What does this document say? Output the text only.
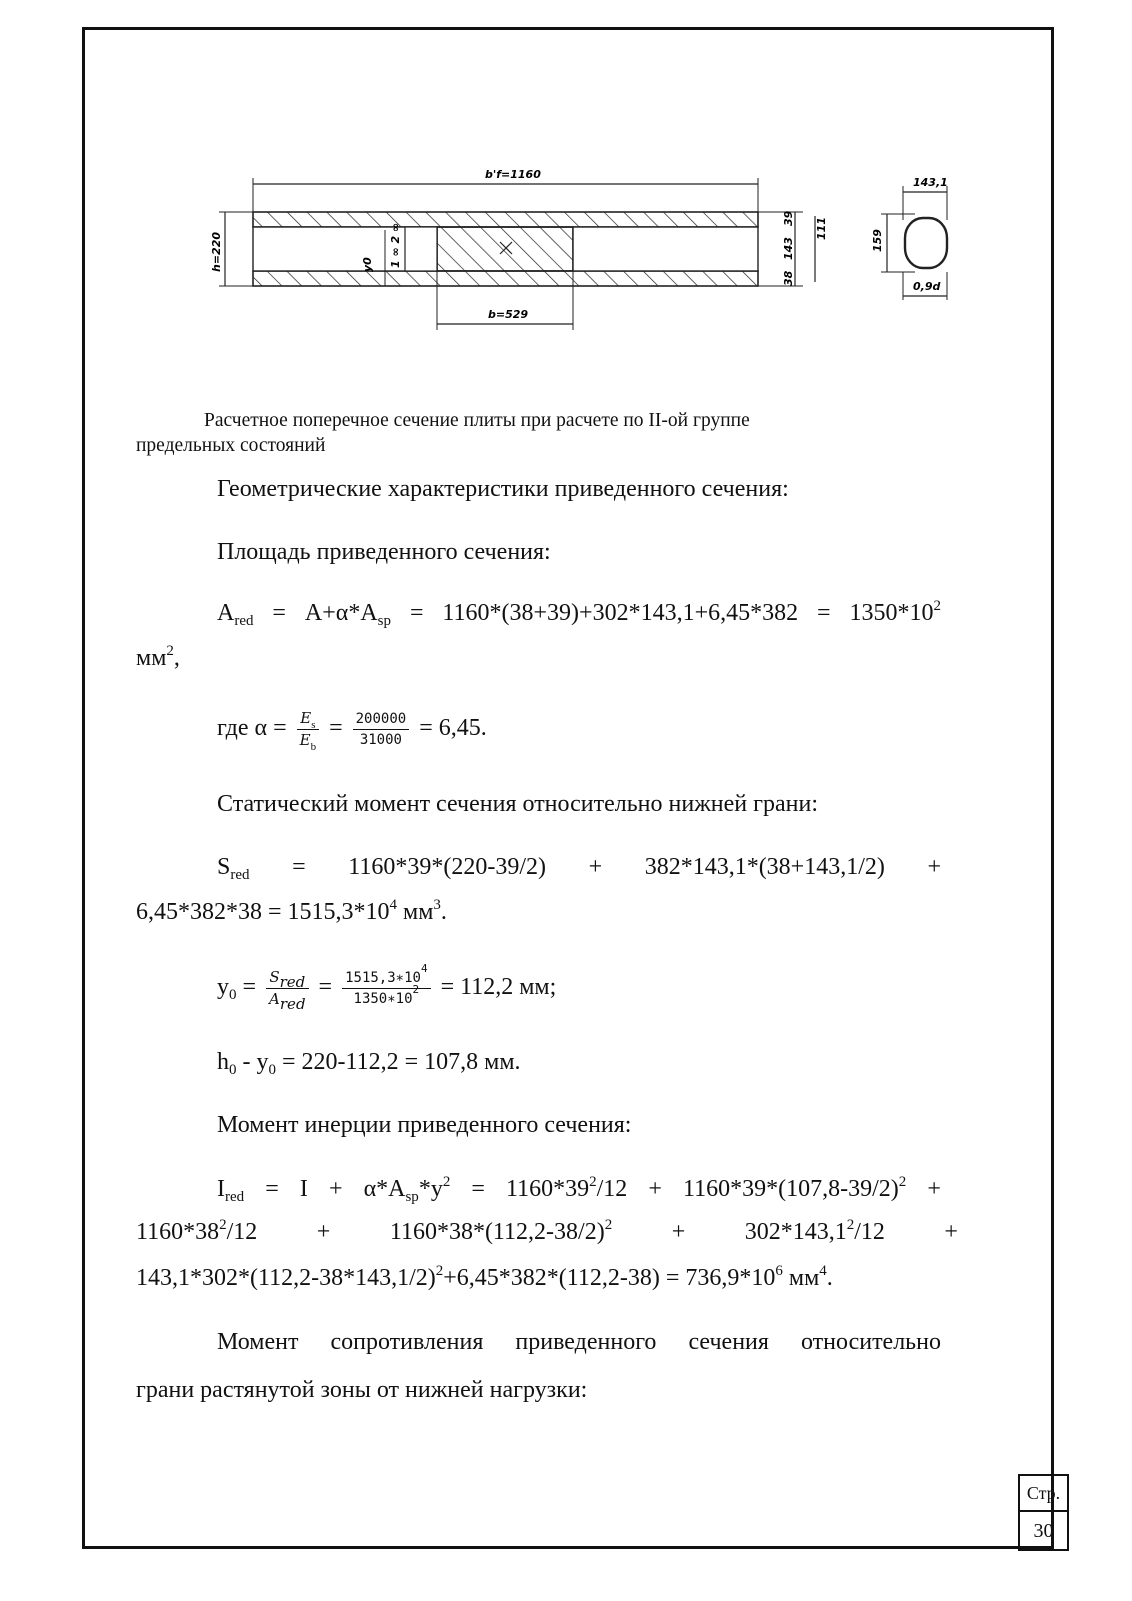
b'f=1160
b=529
h=220	y0 1 ∞ 2 ∞
39
143
38
111
143,1
159
0,9d
Расчетное поперечное сечение плиты при расчете по II-ой группе
предельных состояний
Геометрические характеристики приведенного сечения:
Площадь приведенного сечения:
$A_{red} = A+\alpha*A_{sp} = 1160*(38+39)+302*143,1+6,45*382 = 1350*10^2$
$мм^2$,
где $\alpha = \frac{E_s}{E_b} = \frac{200000}{31000} = 6,45$.
Статический момент сечения относительно нижней грани:
$S_{red} = 1160*39*(220-39/2) + 382*143,1*(38+143,1/2)$ +
$6,45*382*38 = 1515,3*10^4$ $мм^3$.
$y_0 = \frac{S_{red}}{A_{red}} = \frac{1515,3∗10^4}{1350∗10^2} = 112,2$ мм;
$h_0 - y_0 = 220-112,2 = 107,8$ мм.
Момент инерции приведенного сечения:
$I_{red} = I + \alpha*A_{sp}*y^2 = 1160*39^2/12 + 1160*39*(107,8-39/2)^2$ +
$1160*38^2/12 + 1160*38*(112,2-38/2)^2 + 302*143,1^2/12$ +
$143,1*302*(112,2-38*143,1/2)^2+6,45*382*(112,2-38) = 736,9*10^6$ $мм^4$.
Момент сопротивления приведенного сечения относительно
грани растянутой зоны от нижней нагрузки:
Стр.
30
